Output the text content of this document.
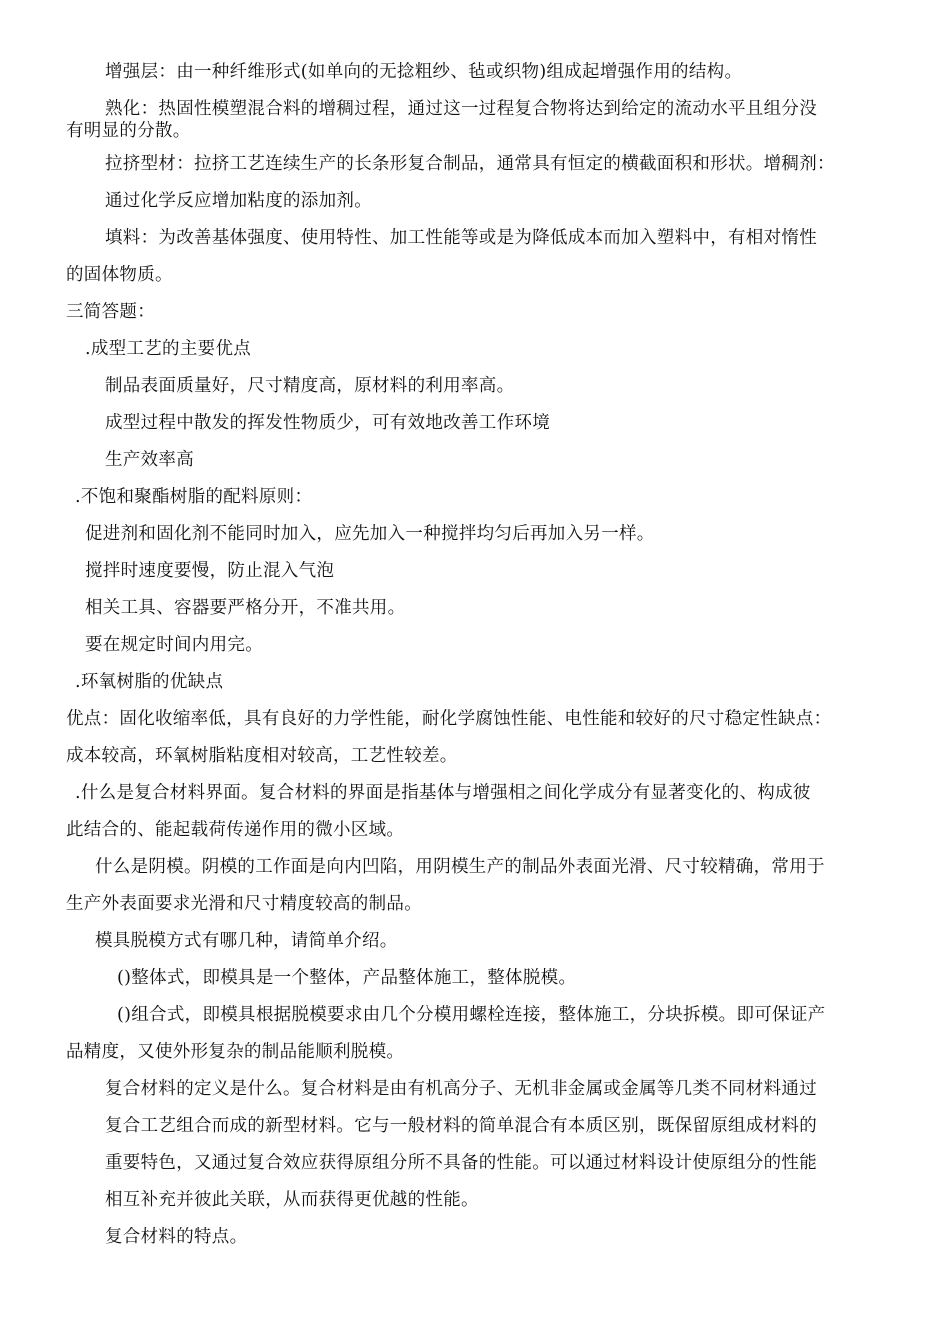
增强层：由一种纤维形式(如单向的无捻粗纱、毡或织物)组成起增强作用的结构。
熟化：热固性模塑混合料的增稠过程，通过这一过程复合物将达到给定的流动水平且组分没
有明显的分散。
拉挤型材：拉挤工艺连续生产的长条形复合制品，通常具有恒定的横截面积和形状。增稠剂：
通过化学反应增加粘度的添加剂。
填料：为改善基体强度、使用特性、加工性能等或是为降低成本而加入塑料中，有相对惰性
的固体物质。
三简答题：
.成型工艺的主要优点
制品表面质量好，尺寸精度高，原材料的利用率高。
成型过程中散发的挥发性物质少，可有效地改善工作环境
生产效率高
.不饱和聚酯树脂的配料原则：
促进剂和固化剂不能同时加入，应先加入一种搅拌均匀后再加入另一样。
搅拌时速度要慢，防止混入气泡
相关工具、容器要严格分开，不准共用。
要在规定时间内用完。
.环氧树脂的优缺点
优点：固化收缩率低，具有良好的力学性能，耐化学腐蚀性能、电性能和较好的尺寸稳定性缺点：
成本较高，环氧树脂粘度相对较高，工艺性较差。
.什么是复合材料界面。复合材料的界面是指基体与增强相之间化学成分有显著变化的、构成彼
此结合的、能起载荷传递作用的微小区域。
什么是阴模。阴模的工作面是向内凹陷，用阴模生产的制品外表面光滑、尺寸较精确，常用于
生产外表面要求光滑和尺寸精度较高的制品。
模具脱模方式有哪几种，请简单介绍。
()整体式，即模具是一个整体，产品整体施工，整体脱模。
()组合式，即模具根据脱模要求由几个分模用螺栓连接，整体施工，分块拆模。即可保证产
品精度，又使外形复杂的制品能顺利脱模。
复合材料的定义是什么。复合材料是由有机高分子、无机非金属或金属等几类不同材料通过
复合工艺组合而成的新型材料。它与一般材料的简单混合有本质区别，既保留原组成材料的
重要特色，又通过复合效应获得原组分所不具备的性能。可以通过材料设计使原组分的性能
相互补充并彼此关联，从而获得更优越的性能。
复合材料的特点。
